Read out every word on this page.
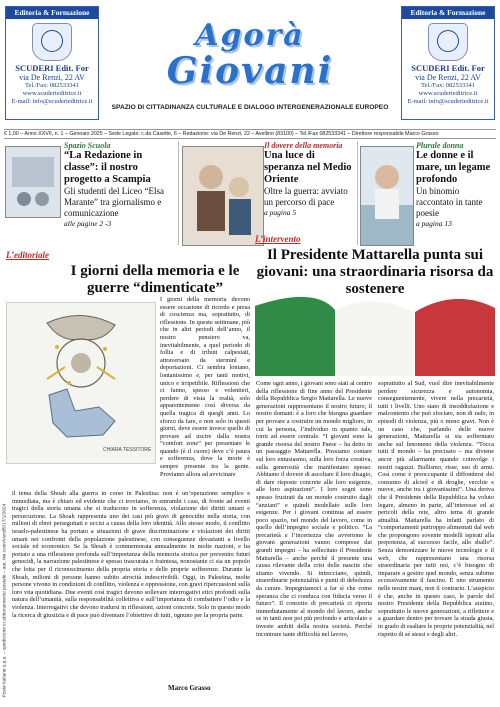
Editoria & Formazione
SCUDERI Edit. For
via De Renzi, 22 AV
Tel./Fax: 082533341
www.scuderieditrice.it
E-mail: info@scuderieditrice.it
Editoria & Formazione
SCUDERI Edit. For
via De Renzi, 22 AV
Tel./Fax: 082533341
www.scuderieditrice.it
E-mail: info@scuderieditrice.it
Agorà
Giovani
SPAZIO DI CITTADINANZA CULTURALE E DIALOGO INTERGENERAZIONALE EUROPEO
€ 1,00 – Anno XXVII, n. 1 – Gennaio 2025 – Sede Legale: c.da Casette, 6 – Redazione: via De Renzi, 22 – Avellino (83100) – Tel./Fax 082533341 – Direttore responsabile Marco Grasso
Spazio Scuola
“La Redazione in classe”: il nostro progetto a Scampia
Gli studenti del Liceo “Elsa Marante” tra giornalismo e comunicazione
alle pagine 2 -3
Il dovere della memoria
Una luce di speranza nel Medio Oriente
Oltre la guerra: avviato un percorso di pace
a pagina 5
Plurale donna
Le donne e il mare, un legame profondo
Un binomio raccontato in tante poesie
a pagina 13
L’editoriale
I giorni della memoria e le guerre “dimenticate”
CHIARA TESSITORE
I giorni della memoria devono essere occasione di ricordo e presa di coscienza ma, soprattutto, di riflessione. In queste settimane, più che in altri periodi dell’anno, il nostro pensiero va, inevitabilmente, a quel periodo di follia e di tributi calpestati, attraversato da sterminî e deportazioni. Ci sembra lontano, lontanissimo e, per tanti motivi, unico e irripetibile. Riflessioni che ci fanno, spesso e volentieri, perdere di vista la realtà, solo apparentemente così diversa da quella tragica di quegli anni. Lo sforzo da fare, e non solo in questi giorni, deve essere invece quello di provare ad uscire dalla nostra “comfort zone” per presentare le quando (è il cuore) deve c’è paura e sofferenza, dove la morte è sempre presente tra la gente. Proviamo allora ad avvicinare
il tema della Shoah alla guerra in corso in Palestina: non è un’operazione semplice e immediata, ma è chiaro ed evidente che ci troviamo, in entrambi i casi, di fronte ad eventi tragici della storia umana che si traducono in sofferenza, violazione dei diritti umani e persecuzione. La Shoah rappresenta uno dei casi più gravi di genocidio nella storia, con milioni di ebrei perseguitati e uccisi a causa della loro identità. Allo stesso modo, il conflitto israelo-palestinese ha portato a situazioni di grave discriminazione e violazioni dei diritti umani nei confronti della popolazione palestinese, con conseguenze devastanti a livello sociale ed economico. Se la Shoah è commemorata annualmente in molte nazioni, e ha portato a una riflessione profonda sull’importanza della memoria storica per prevenire futuri genocidi, la narrazione palestinese è spesso trascurata o fraintesa, nonostante ci sia un popolo che lotta per il riconoscimento della propria storia e delle proprie sofferenze. Durante la Shoah, milioni di persone hanno subito atrocità indescrivibili. Oggi, in Palestina, molte persone vivono in condizioni di conflitto, violenza e oppressione, con gravi ripercussioni sulla loro vita quotidiana. Due eventi così tragici devono sollevare interrogativi etici profondi sulla natura dell’umanità, sulla responsabilità collettiva e sull’importanza di combattere l’odio e la violenza. Interrogativi che devono tradursi in riflessioni, azioni concrete. Solo in questo modo la ricerca di giustizia e di pace può diventare l’obiettivo di tutti, ognuno per la propria parte.
Marco Grasso
L’intervento
Il Presidente Mattarella punta sui giovani: una straordinaria risorsa da sostenere
Come ogni anno, i giovani sono stati al centro della riflessione di fine anno del Presidente della Repubblica Sergio Mattarella. Le nuove generazioni rappresentano il nostro futuro, il nostro domani: è a loro che bisogna guardare per provare a costruire un mondo migliore, in cui la persona, l’individuo in quanto tale, torni ad essere centrale. “I giovani sono la grande risorsa del nostro Paese – ha detto in un passaggio Mattarella. Possiamo contare sul loro entusiasmo, sulla loro forza creativa, sulla generosità che manifestano spesso. Abbiamo il dovere di ascoltare il loro disagio, di dare risposte concrete alle loro esigenze, alle loro aspirazioni”. I loro sogni sono spesso frustrati da un mondo costruito dagli “anziani” e quindi modellato sulle loro esigenze. Per i giovani continua ad essere poco spazio, nel mondo del lavoro, come in quello dell’impegno sociale e politico. “La precarietà e l’incertezza che avvertono le giovani generazioni vanno comprese dai grandi impegni – ha sollecitato il Presidente Mattarella – anche perché il presente una causa rilevante della crisi delle nascite che stiamo vivendo. Si intrecciano, quindi, straordinarie potenzialità e punti di debolezza da curare. Impegniamoci a far sì che come speranza che ci conduca con fiducia verso il futuro”. Il concetto di precarietà ci riporta immediatamente al mondo del lavoro, anche se in tanti non poi più profondo e articolato e investe ambiti della nostra società. Perché incontrare tante difficoltà nel lavoro,
soprattutto al Sud, vuol dire inevitabilmente perdere sicurezza e autonomia, conseguentemente, vivere nella precarietà, tutti i livelli. Uno stato di insoddisfazione e malcontento che può sfociare, non di rado, in episodi di violenza, più o meno gravi. Non è un caso che, parlando delle nuove generazioni, Mattarella si sia soffermato anche sul fenomeno della violenza. “Tocca tutti il mondo – ha precisato – ma diviene ancor più allarmante quando coinvolge i nostri ragazzi. Bullismo, risse, uso di armi. Così come è preoccupante il diffondersi del consumo di alcool e di droghe, vecchie e nuove, anche tra i giovanissimi”. Una deriva che il Presidente della Repubblica ha voluto legare, almeno in parte, all’interesse ed ai pericoli della rete, altro tema di grande attualità. Mattarella ha infatti parlato di “comportamenti purtroppo alimentati dal web che propongono sovente modelli ispirati alla prepotenza, al successo facile, allo sballo”. Senza demonizzare le nuove tecnologie e il web, che rappresentano una risorsa straordinaria per tutti noi, c’è bisogno di imparare a gestire quel mondo, senza subirne eccessivamente il fascino. È uno strumento nelle nostre mani, non il contrario. L’auspicio è che, anche in questo caso, le parole del nostro Presidente della Repubblica aiutino, soprattutto le nuove generazioni, a riflettere e a guardare dentro per trovare la strada giusta, in grado di esaltare le proprie potenzialità, nel rispetto di sé stessi e degli altri.
Poste Italiane s.p.a. – spedizione in abbonamento postale – aut. Ne coniv/nord/5/17/1/2024
